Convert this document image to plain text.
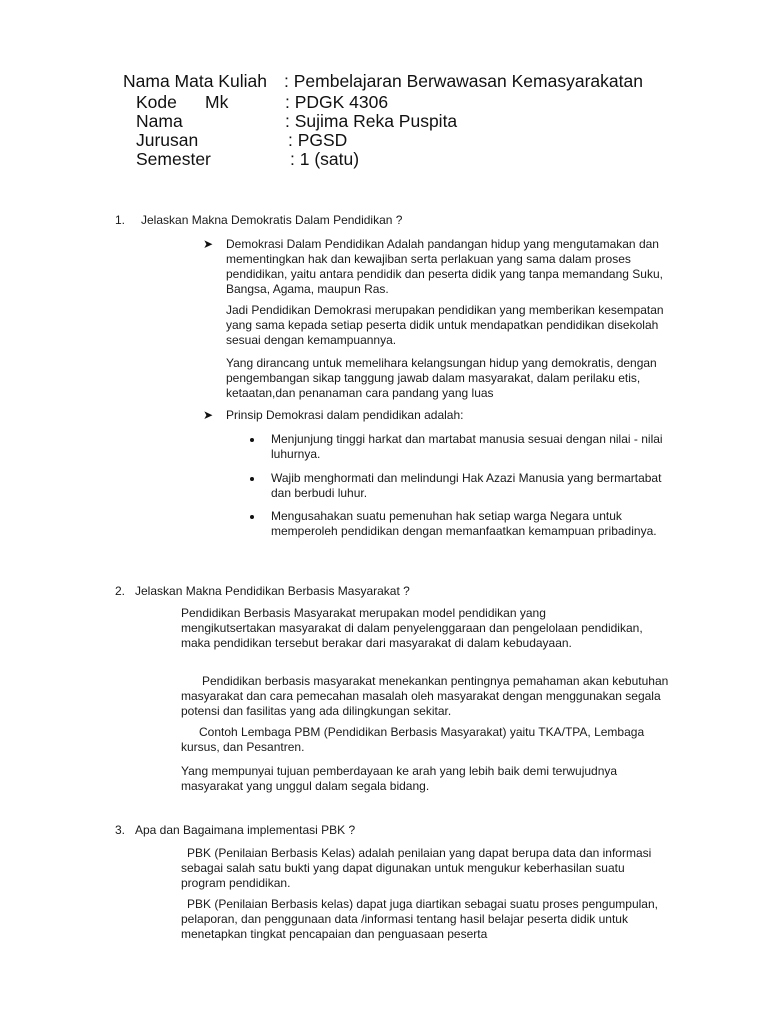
Nama Mata Kuliah : Pembelajaran Berwawasan Kemasyarakatan
Kode Mk	: PDGK 4306
Nama	: Sujima Reka Puspita
Jurusan	: PGSD
Semester	: 1 (satu)
1. Jelaskan Makna Demokratis Dalam Pendidikan ?
➤ Demokrasi Dalam Pendidikan Adalah pandangan hidup yang mengutamakan dan mementingkan hak dan kewajiban serta perlakuan yang sama dalam proses pendidikan, yaitu antara pendidik dan peserta didik yang tanpa memandang Suku, Bangsa, Agama, maupun Ras.
Jadi Pendidikan Demokrasi merupakan pendidikan yang memberikan kesempatan yang sama kepada setiap peserta didik untuk mendapatkan pendidikan disekolah sesuai dengan kemampuannya.
Yang dirancang untuk memelihara kelangsungan hidup yang demokratis, dengan pengembangan sikap tanggung jawab dalam masyarakat, dalam perilaku etis, ketaatan,dan penanaman cara pandang yang luas
➤ Prinsip Demokrasi dalam pendidikan adalah:
Menjunjung tinggi harkat dan martabat manusia sesuai dengan nilai - nilai luhurnya.
Wajib menghormati dan melindungi Hak Azazi Manusia yang bermartabat dan berbudi luhur.
Mengusahakan suatu pemenuhan hak setiap warga Negara untuk memperoleh pendidikan dengan memanfaatkan kemampuan pribadinya.
2. Jelaskan Makna Pendidikan Berbasis Masyarakat ?
Pendidikan Berbasis Masyarakat merupakan model pendidikan yang mengikutsertakan masyarakat di dalam penyelenggaraan dan pengelolaan pendidikan, maka pendidikan tersebut berakar dari masyarakat di dalam kebudayaan.
Pendidikan berbasis masyarakat menekankan pentingnya pemahaman akan kebutuhan masyarakat dan cara pemecahan masalah oleh masyarakat dengan menggunakan segala potensi dan fasilitas yang ada dilingkungan sekitar.
Contoh Lembaga PBM (Pendidikan Berbasis Masyarakat) yaitu TKA/TPA, Lembaga kursus, dan Pesantren.
Yang mempunyai tujuan pemberdayaan ke arah yang lebih baik demi terwujudnya masyarakat yang unggul dalam segala bidang.
3. Apa dan Bagaimana implementasi PBK ?
PBK (Penilaian Berbasis Kelas) adalah penilaian yang dapat berupa data dan informasi sebagai salah satu bukti yang dapat digunakan untuk mengukur keberhasilan suatu program pendidikan.
PBK (Penilaian Berbasis kelas) dapat juga diartikan sebagai suatu proses pengumpulan, pelaporan, dan penggunaan data /informasi tentang hasil belajar peserta didik untuk menetapkan tingkat pencapaian dan penguasaan peserta
